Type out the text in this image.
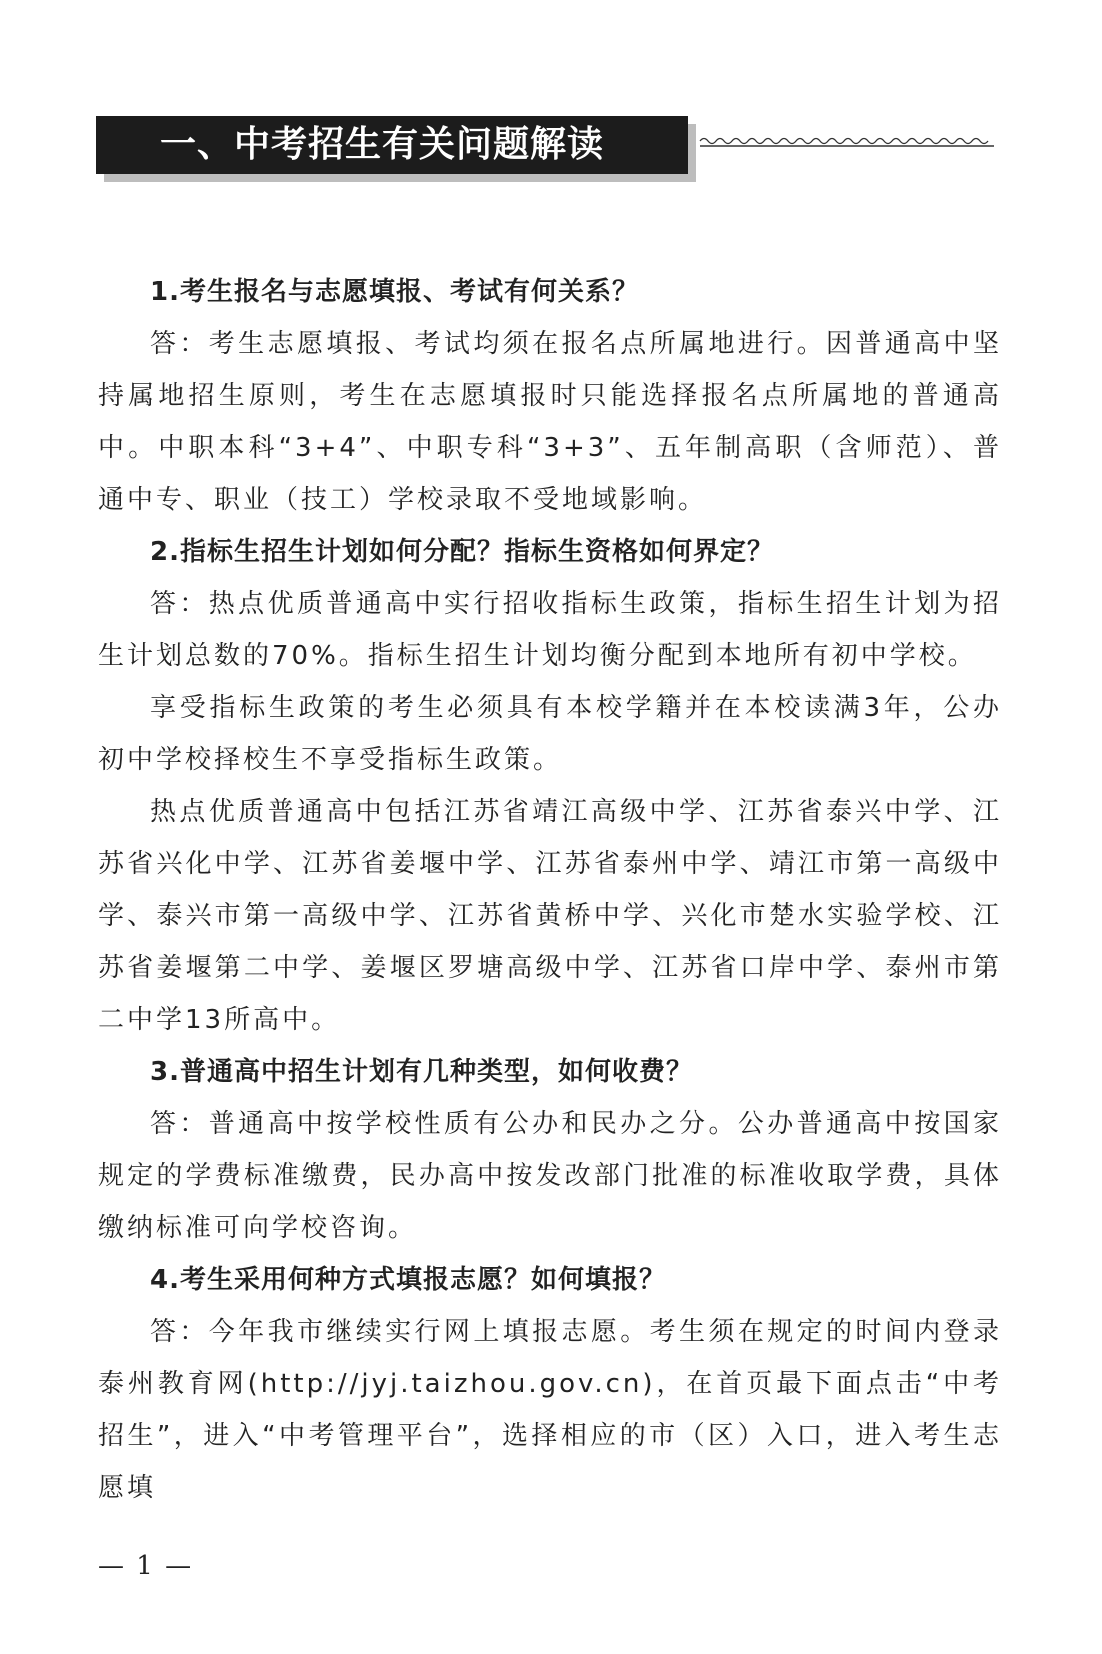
一、中考招生有关问题解读

1.考生报名与志愿填报、考试有何关系？

答：考生志愿填报、考试均须在报名点所属地进行。因普通高中坚持属地招生原则，考生在志愿填报时只能选择报名点所属地的普通高中。中职本科“3+4”、中职专科“3+3”、五年制高职（含师范）、普通中专、职业（技工）学校录取不受地域影响。

2.指标生招生计划如何分配？指标生资格如何界定？

答：热点优质普通高中实行招收指标生政策，指标生招生计划为招生计划总数的70%。指标生招生计划均衡分配到本地所有初中学校。

享受指标生政策的考生必须具有本校学籍并在本校读满3年，公办初中学校择校生不享受指标生政策。

热点优质普通高中包括江苏省靖江高级中学、江苏省泰兴中学、江苏省兴化中学、江苏省姜堰中学、江苏省泰州中学、靖江市第一高级中学、泰兴市第一高级中学、江苏省黄桥中学、兴化市楚水实验学校、江苏省姜堰第二中学、姜堰区罗塘高级中学、江苏省口岸中学、泰州市第二中学13所高中。

3.普通高中招生计划有几种类型，如何收费？

答：普通高中按学校性质有公办和民办之分。公办普通高中按国家规定的学费标准缴费，民办高中按发改部门批准的标准收取学费，具体缴纳标准可向学校咨询。

4.考生采用何种方式填报志愿？如何填报？

答：今年我市继续实行网上填报志愿。考生须在规定的时间内登录泰州教育网(http://jyj.taizhou.gov.cn)，在首页最下面点击“中考招生”，进入“中考管理平台”，选择相应的市（区）入口，进入考生志愿填

— 1 —
